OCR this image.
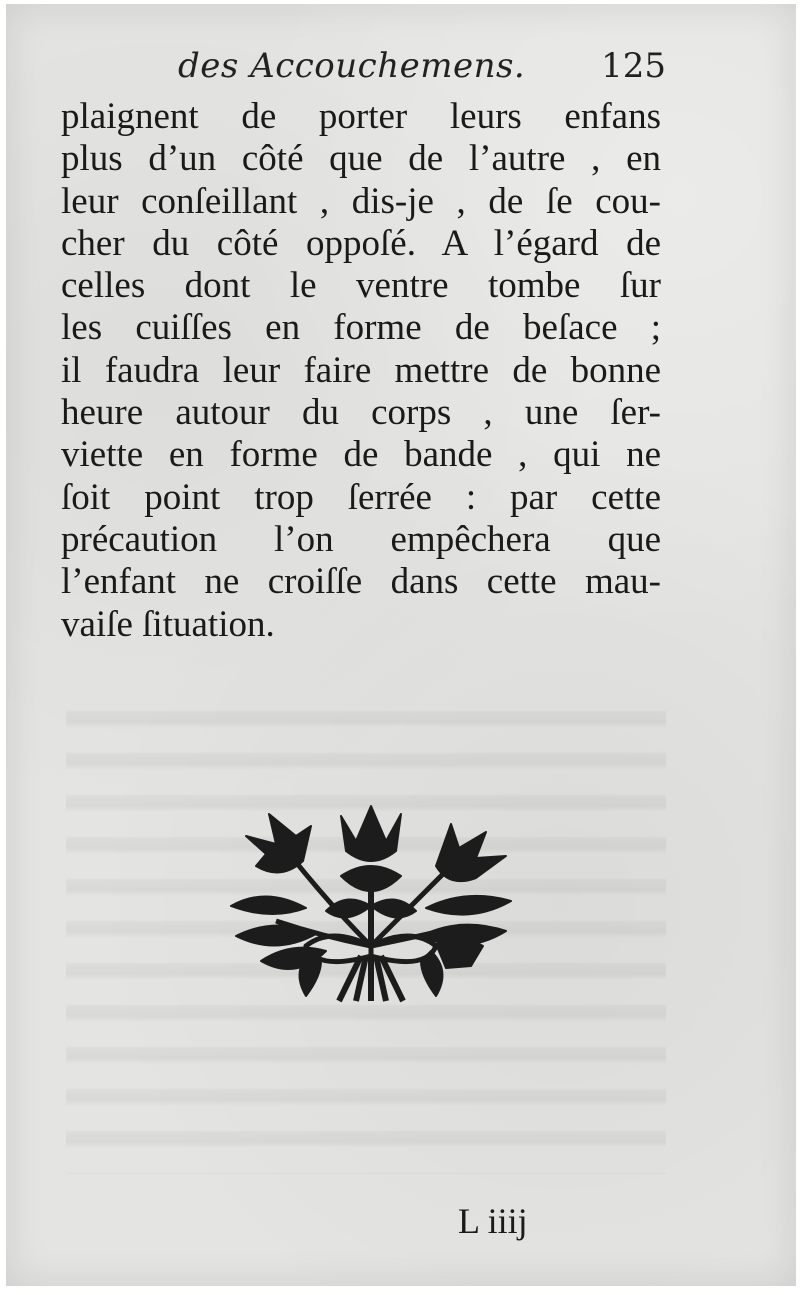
des Accouchemens. 125
plaignent de porter leurs enfans
plus d’un côté que de l’autre , en
leur conſeillant , dis-je , de ſe cou-
cher du côté oppoſé. A l’égard de
celles dont le ventre tombe ſur
les cuiſſes en forme de beſace ;
il faudra leur faire mettre de bonne
heure autour du corps , une ſer-
viette en forme de bande , qui ne
ſoit point trop ſerrée : par cette
précaution l’on empêchera que
l’enfant ne croiſſe dans cette mau-
vaiſe ſituation.
L iiij
